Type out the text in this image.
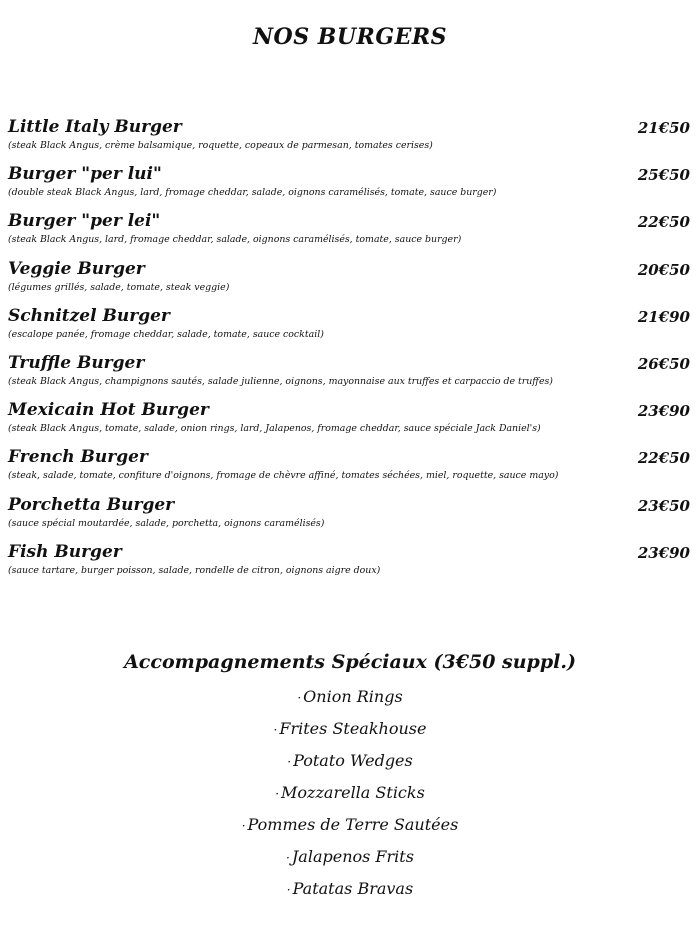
NOS BURGERS
Little Italy Burger	21€50
(steak Black Angus, crème balsamique, roquette, copeaux de parmesan, tomates cerises)
Burger "per lui"	25€50
(double steak Black Angus, lard, fromage cheddar, salade, oignons caramélisés, tomate, sauce burger)
Burger "per lei"	22€50
(steak Black Angus, lard, fromage cheddar, salade, oignons caramélisés, tomate, sauce burger)
Veggie Burger	20€50
(légumes grillés, salade, tomate, steak veggie)
Schnitzel Burger	21€90
(escalope panée, fromage cheddar, salade, tomate, sauce cocktail)
Truffle Burger	26€50
(steak Black Angus, champignons sautés, salade julienne, oignons, mayonnaise aux truffes et carpaccio de truffes)
Mexicain Hot Burger	23€90
(steak Black Angus, tomate, salade, onion rings, lard, Jalapenos, fromage cheddar, sauce spéciale Jack Daniel's)
French Burger	22€50
(steak, salade, tomate, confiture d'oignons, fromage de chèvre affiné, tomates séchées, miel, roquette, sauce mayo)
Porchetta Burger	23€50
(sauce spécial moutardée, salade, porchetta, oignons caramélisés)
Fish Burger	23€90
(sauce tartare, burger poisson, salade, rondelle de citron, oignons aigre doux)
Accompagnements Spéciaux (3€50 suppl.)
· Onion Rings
· Frites Steakhouse
· Potato Wedges
· Mozzarella Sticks
· Pommes de Terre Sautées
· Jalapenos Frits
· Patatas Bravas
